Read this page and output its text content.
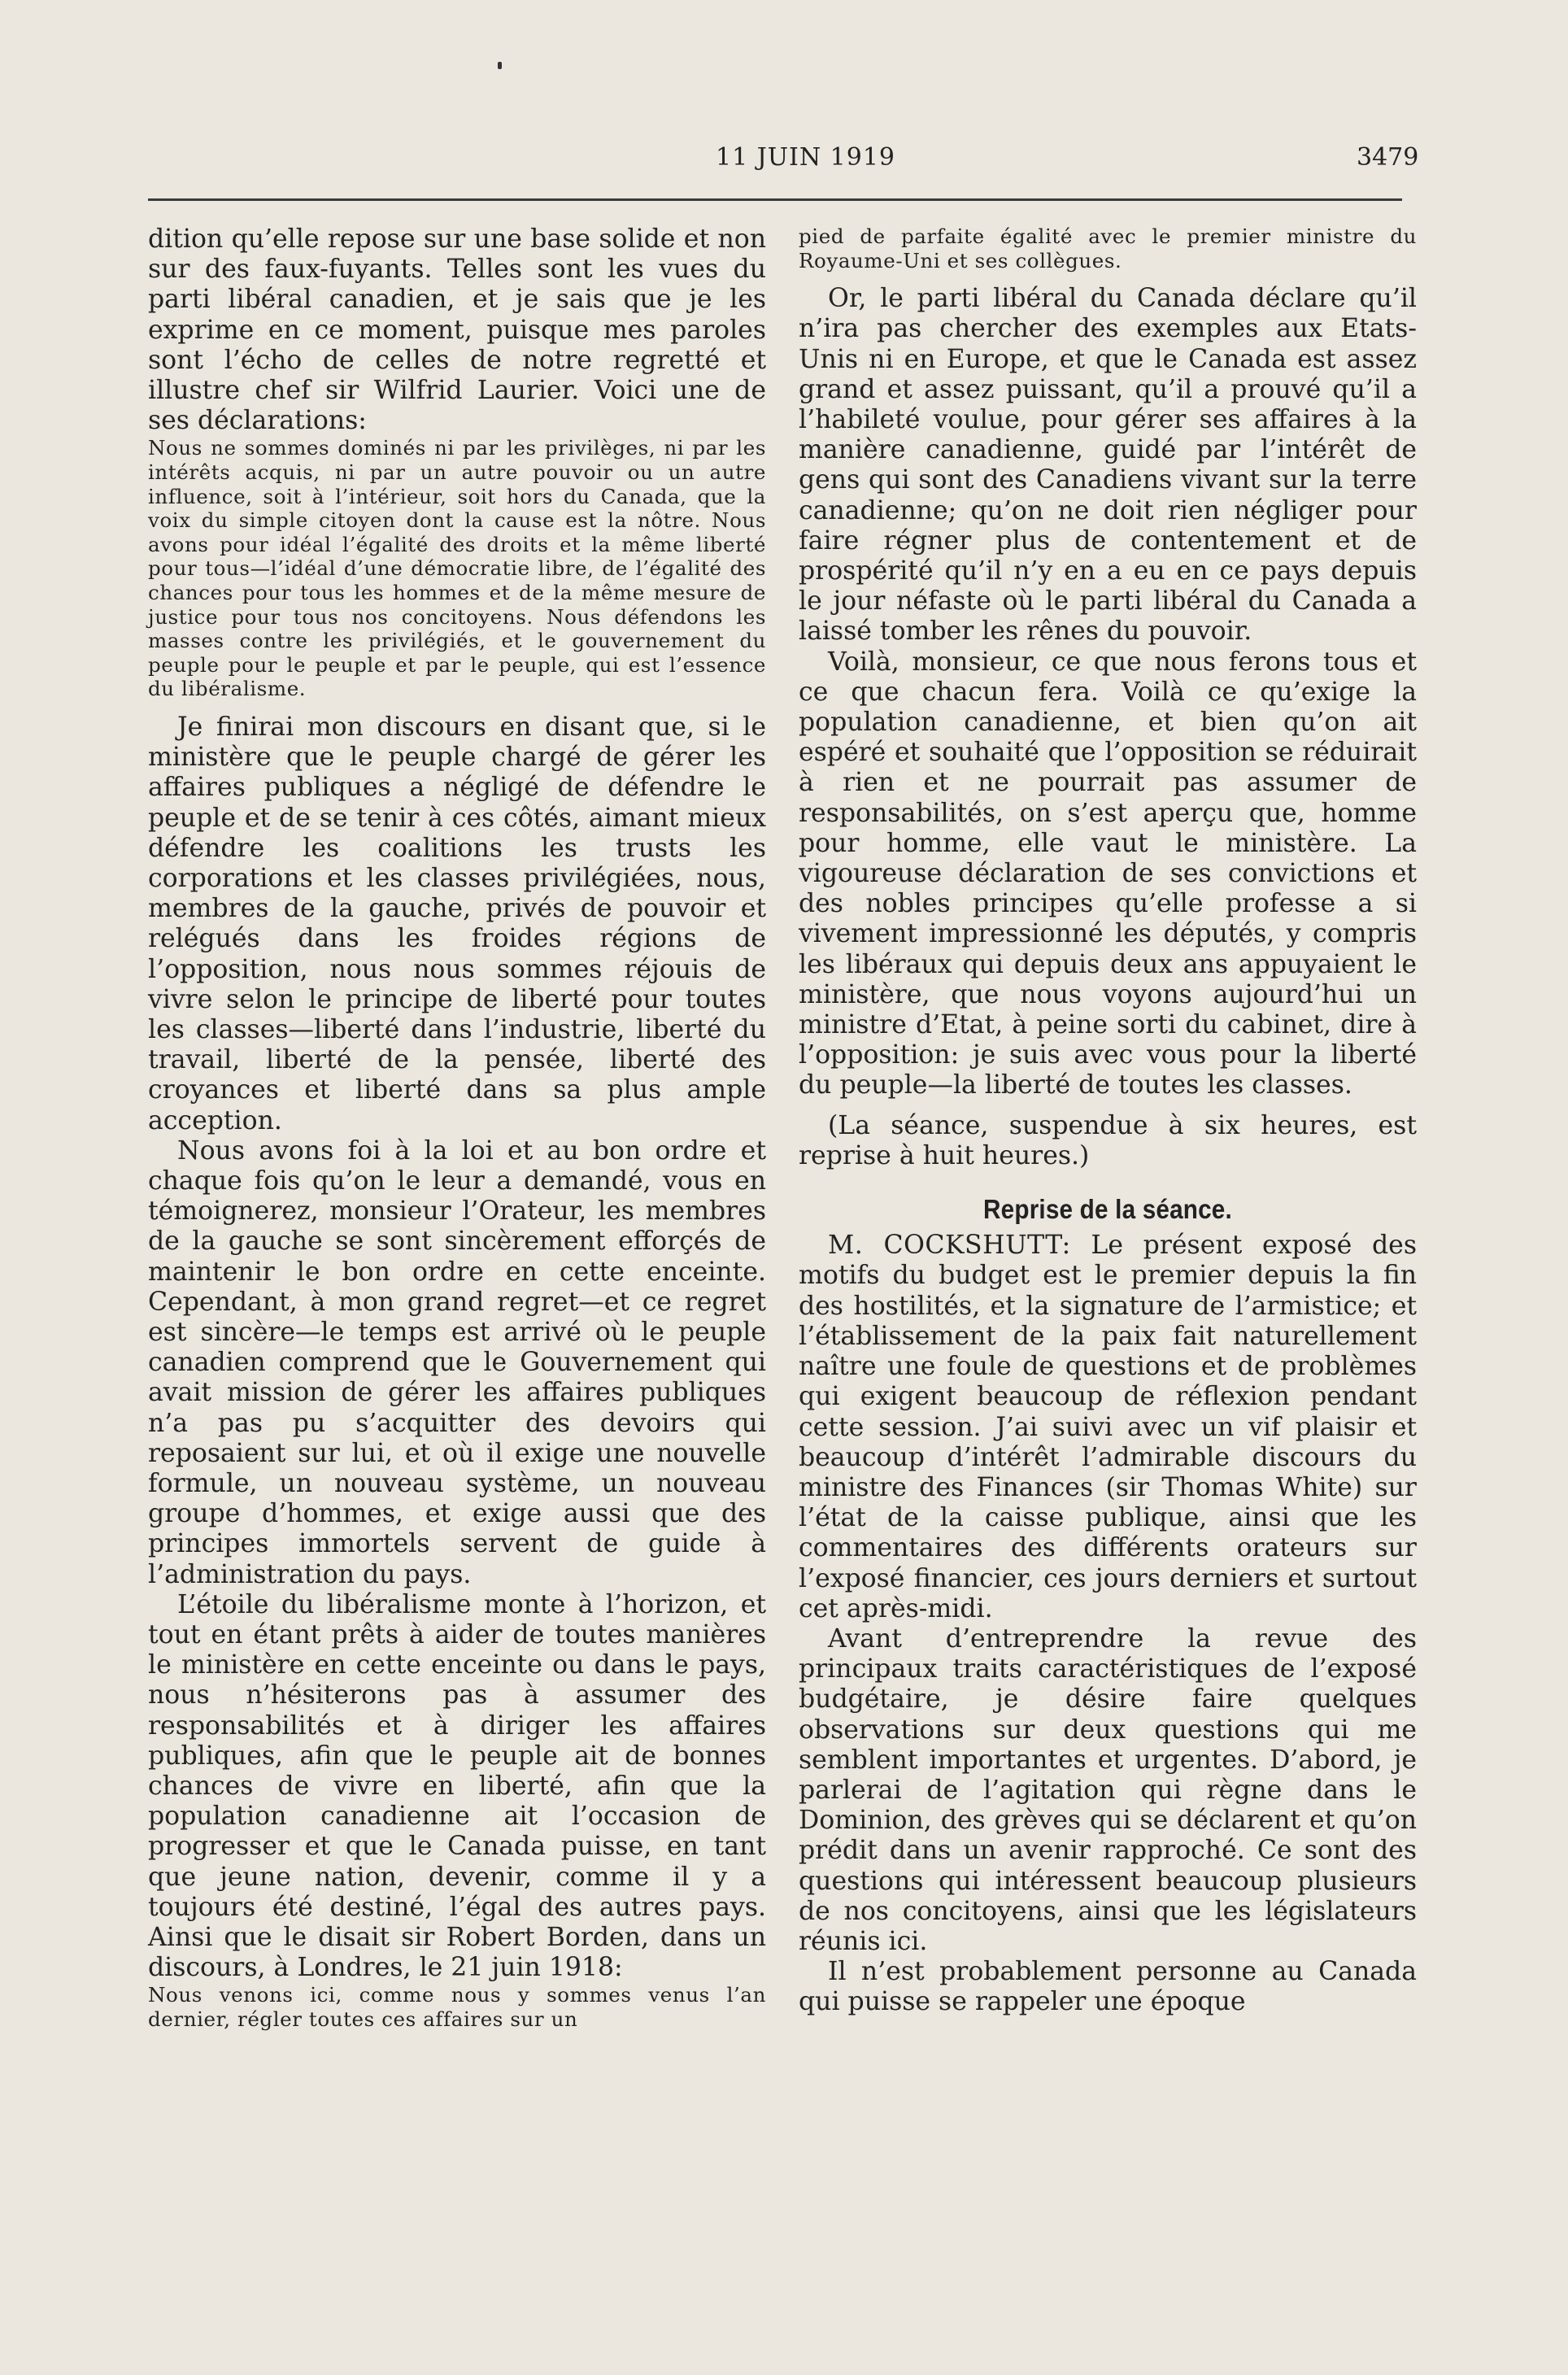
11 JUIN 1919	3479

dition qu’elle repose sur une base solide et non sur des faux-fuyants. Telles sont les vues du parti libéral canadien, et je sais que je les exprime en ce moment, puisque mes paroles sont l’écho de celles de notre regretté et illustre chef sir Wilfrid Laurier. Voici une de ses déclarations:

Nous ne sommes dominés ni par les privilèges, ni par les intérêts acquis, ni par un autre pouvoir ou un autre influence, soit à l’intérieur, soit hors du Canada, que la voix du simple citoyen dont la cause est la nôtre. Nous avons pour idéal l’égalité des droits et la même liberté pour tous—l’idéal d’une démocratie libre, de l’égalité des chances pour tous les hommes et de la même mesure de justice pour tous nos concitoyens. Nous défendons les masses contre les privilégiés, et le gouvernement du peuple pour le peuple et par le peuple, qui est l’essence du libéralisme.

Je finirai mon discours en disant que, si le ministère que le peuple chargé de gérer les affaires publiques a négligé de défendre le peuple et de se tenir à ces côtés, aimant mieux défendre les coalitions les trusts les corporations et les classes privilégiées, nous, membres de la gauche, privés de pouvoir et relégués dans les froides régions de l’opposition, nous nous sommes réjouis de vivre selon le principe de liberté pour toutes les classes—liberté dans l’industrie, liberté du travail, liberté de la pensée, liberté des croyances et liberté dans sa plus ample acception.

Nous avons foi à la loi et au bon ordre et chaque fois qu’on le leur a demandé, vous en témoignerez, monsieur l’Orateur, les membres de la gauche se sont sincèrement efforçés de maintenir le bon ordre en cette enceinte. Cependant, à mon grand regret—et ce regret est sincère—le temps est arrivé où le peuple canadien comprend que le Gouvernement qui avait mission de gérer les affaires publiques n’a pas pu s’acquitter des devoirs qui reposaient sur lui, et où il exige une nouvelle formule, un nouveau système, un nouveau groupe d’hommes, et exige aussi que des principes immortels servent de guide à l’administration du pays.

L’étoile du libéralisme monte à l’horizon, et tout en étant prêts à aider de toutes manières le ministère en cette enceinte ou dans le pays, nous n’hésiterons pas à assumer des responsabilités et à diriger les affaires publiques, afin que le peuple ait de bonnes chances de vivre en liberté, afin que la population canadienne ait l’occasion de progresser et que le Canada puisse, en tant que jeune nation, devenir, comme il y a toujours été destiné, l’égal des autres pays. Ainsi que le disait sir Robert Borden, dans un discours, à Londres, le 21 juin 1918:

Nous venons ici, comme nous y sommes venus l’an dernier, régler toutes ces affaires sur un

pied de parfaite égalité avec le premier ministre du Royaume-Uni et ses collègues.

Or, le parti libéral du Canada déclare qu’il n’ira pas chercher des exemples aux Etats-Unis ni en Europe, et que le Canada est assez grand et assez puissant, qu’il a prouvé qu’il a l’habileté voulue, pour gérer ses affaires à la manière canadienne, guidé par l’intérêt de gens qui sont des Canadiens vivant sur la terre canadienne; qu’on ne doit rien négliger pour faire régner plus de contentement et de prospérité qu’il n’y en a eu en ce pays depuis le jour néfaste où le parti libéral du Canada a laissé tomber les rênes du pouvoir.

Voilà, monsieur, ce que nous ferons tous et ce que chacun fera. Voilà ce qu’exige la population canadienne, et bien qu’on ait espéré et souhaité que l’opposition se réduirait à rien et ne pourrait pas assumer de responsabilités, on s’est aperçu que, homme pour homme, elle vaut le ministère. La vigoureuse déclaration de ses convictions et des nobles principes qu’elle professe a si vivement impressionné les députés, y compris les libéraux qui depuis deux ans appuyaient le ministère, que nous voyons aujourd’hui un ministre d’Etat, à peine sorti du cabinet, dire à l’opposition: je suis avec vous pour la liberté du peuple—la liberté de toutes les classes.

(La séance, suspendue à six heures, est reprise à huit heures.)

Reprise de la séance.

M. COCKSHUTT: Le présent exposé des motifs du budget est le premier depuis la fin des hostilités, et la signature de l’armistice; et l’établissement de la paix fait naturellement naître une foule de questions et de problèmes qui exigent beaucoup de réflexion pendant cette session. J’ai suivi avec un vif plaisir et beaucoup d’intérêt l’admirable discours du ministre des Finances (sir Thomas White) sur l’état de la caisse publique, ainsi que les commentaires des différents orateurs sur l’exposé financier, ces jours derniers et surtout cet après-midi.

Avant d’entreprendre la revue des principaux traits caractéristiques de l’exposé budgétaire, je désire faire quelques observations sur deux questions qui me semblent importantes et urgentes. D’abord, je parlerai de l’agitation qui règne dans le Dominion, des grèves qui se déclarent et qu’on prédit dans un avenir rapproché. Ce sont des questions qui intéressent beaucoup plusieurs de nos concitoyens, ainsi que les législateurs réunis ici.

Il n’est probablement personne au Canada qui puisse se rappeler une époque
